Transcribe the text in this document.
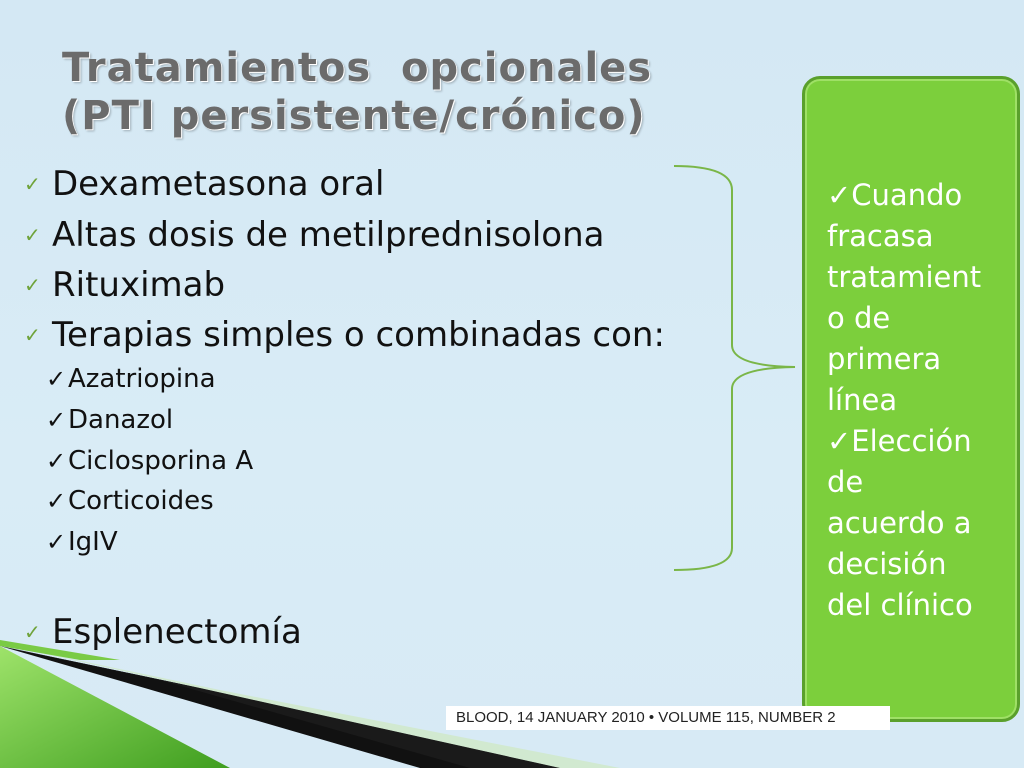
Tratamientos  opcionales
(PTI persistente/crónico)
✓ Dexametasona oral
✓ Altas dosis de metilprednisolona
✓ Rituximab
✓ Terapias simples o combinadas con:
✓Azatriopina
✓Danazol
✓Ciclosporina A
✓Corticoides
✓IgIV
✓ Esplenectomía
✓Cuando
fracasa
tratamient
o de
primera
línea
✓Elección
de
acuerdo a
decisión
del clínico
BLOOD, 14 JANUARY 2010 • VOLUME 115, NUMBER 2
